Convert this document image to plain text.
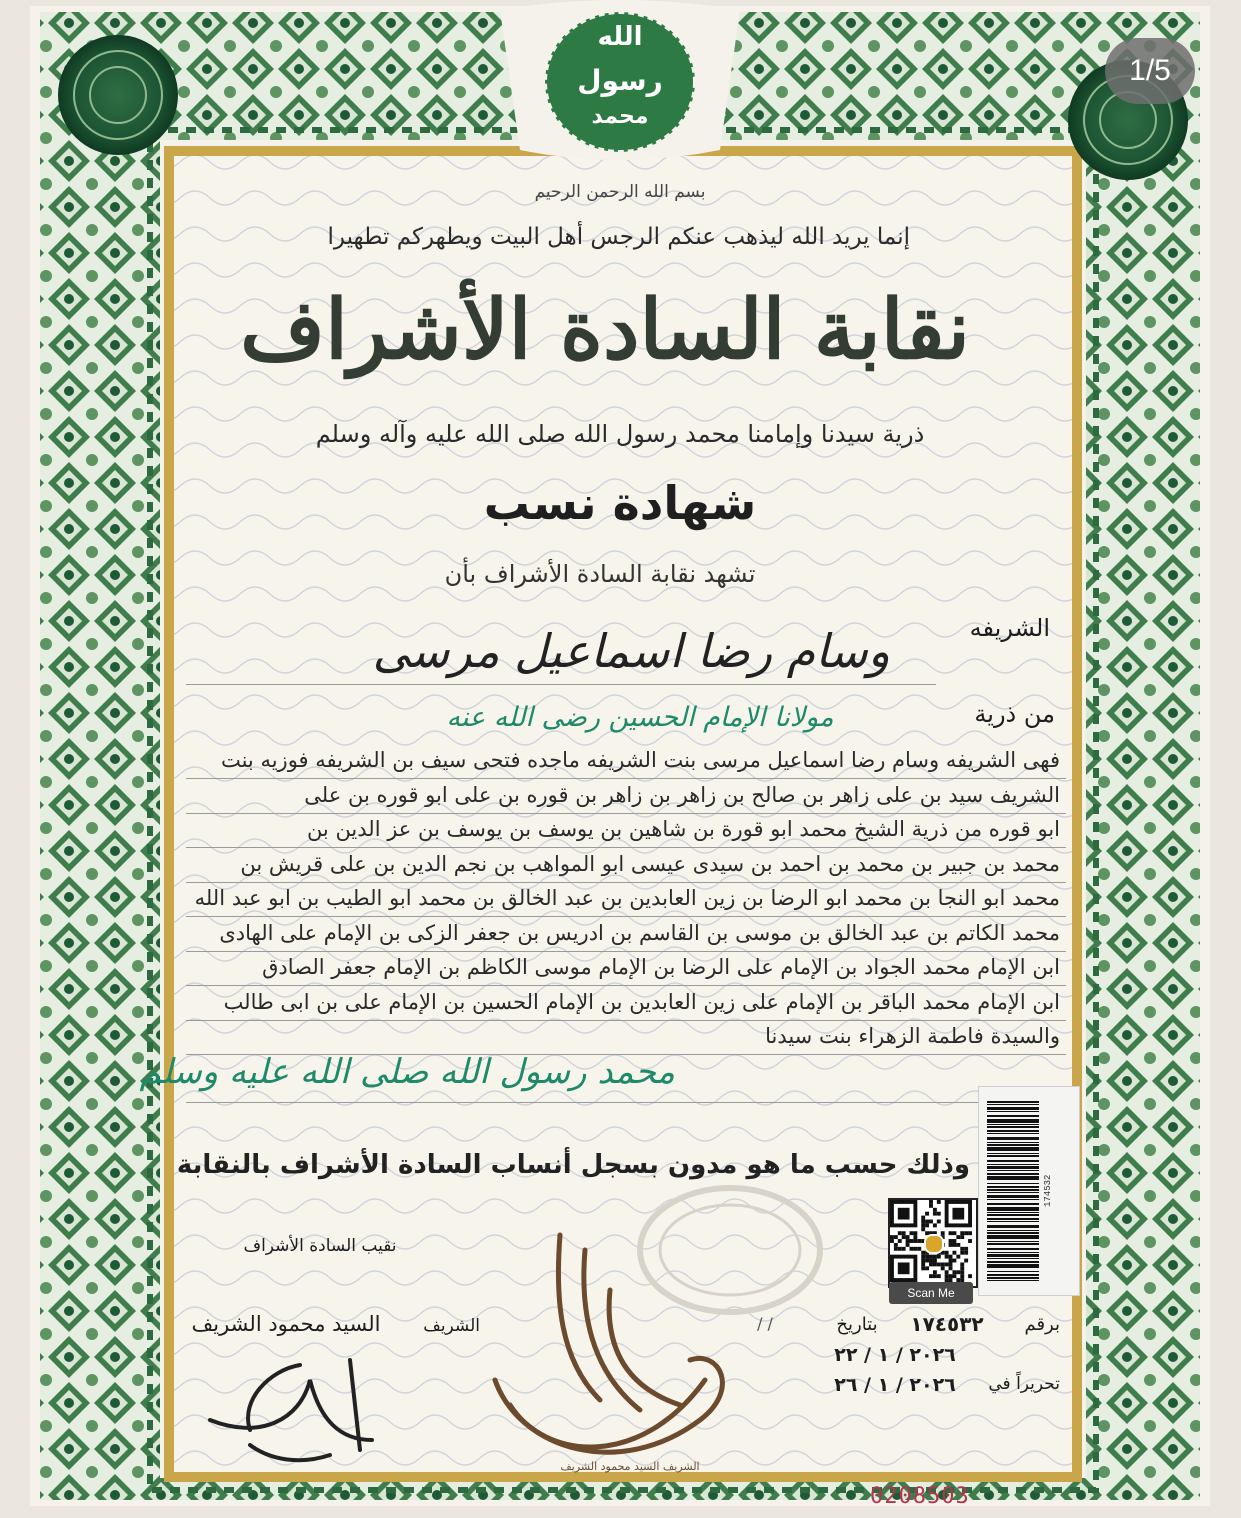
1/5
الله
رسول
محمد
بسم الله الرحمن الرحيم
إنما يريد الله ليذهب عنكم الرجس أهل البيت ويطهركم تطهيرا
نقابة السادة الأشراف
ذرية سيدنا وإمامنا محمد رسول الله صلى الله عليه وآله وسلم
شهادة نسب
تشهد نقابة السادة الأشراف بأن
الشريفه
وسام رضا اسماعيل مرسى
من ذرية
مولانا الإمام الحسين رضى الله عنه
فهى الشريفه وسام رضا اسماعيل مرسى بنت الشريفه ماجده فتحى سيف بن الشريفه فوزيه بنت
الشريف سيد بن على زاهر بن صالح بن زاهر بن زاهر بن قوره بن على ابو قوره بن على
ابو قوره من ذرية الشيخ محمد ابو قورة بن شاهين بن يوسف بن يوسف بن عز الدين بن
محمد بن جبير بن محمد بن احمد بن سيدى عيسى ابو المواهب بن نجم الدين بن على قريش بن
محمد ابو النجا بن محمد ابو الرضا بن زين العابدين بن عبد الخالق بن محمد ابو الطيب بن ابو عبد الله
محمد الكاتم بن عبد الخالق بن موسى بن القاسم بن ادريس بن جعفر الزكى بن الإمام على الهادى
ابن الإمام محمد الجواد بن الإمام على الرضا بن الإمام موسى الكاظم بن الإمام جعفر الصادق
ابن الإمام محمد الباقر بن الإمام على زين العابدين بن الإمام الحسين بن الإمام على بن ابى طالب
والسيدة فاطمة الزهراء بنت سيدنا
محمد رسول الله صلى الله عليه وسلم
وذلك حسب ما هو مدون بسجل أنساب السادة الأشراف بالنقابة
نقيب السادة الأشراف
الشريف
السيد محمود الشريف
الشريف السيد محمود الشريف
برقم
١٧٤٥٣٢
بتاريخ
/ /
٢٠٢٦ / ١ / ٢٢
تحريراً في
٢٠٢٦ / ١ / ٢٦
174532
Scan Me
0208503
